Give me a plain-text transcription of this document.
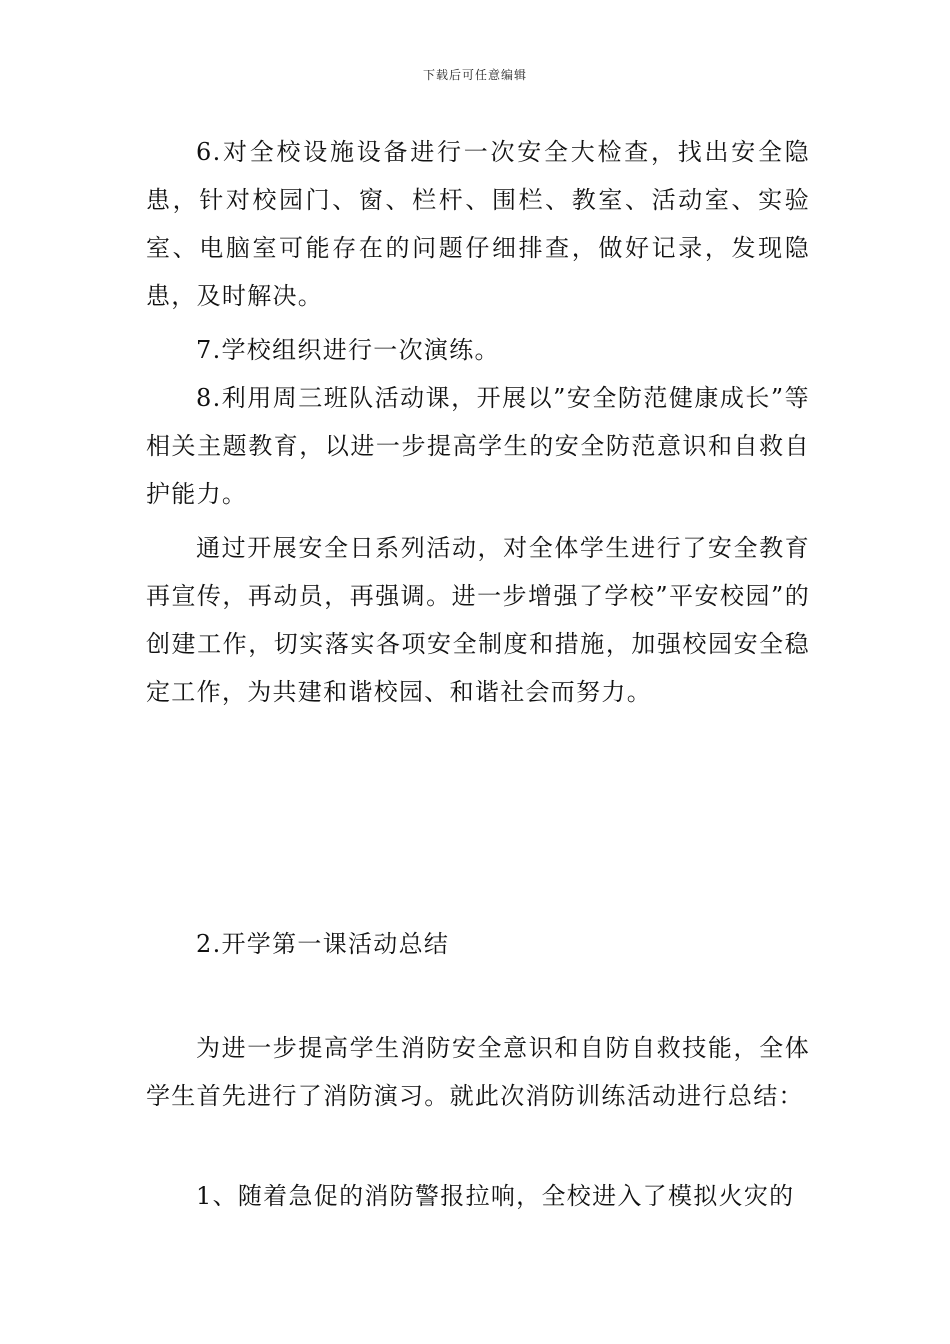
下载后可任意编辑

6.对全校设施设备进行一次安全大检查，找出安全隐患，针对校园门、窗、栏杆、围栏、教室、活动室、实验室、电脑室可能存在的问题仔细排查，做好记录，发现隐患，及时解决。

7.学校组织进行一次演练。

8.利用周三班队活动课，开展以”安全防范健康成长”等相关主题教育，以进一步提高学生的安全防范意识和自救自护能力。

通过开展安全日系列活动，对全体学生进行了安全教育再宣传，再动员，再强调。进一步增强了学校”平安校园”的创建工作，切实落实各项安全制度和措施，加强校园安全稳定工作，为共建和谐校园、和谐社会而努力。

2.开学第一课活动总结

为进一步提高学生消防安全意识和自防自救技能，全体学生首先进行了消防演习。就此次消防训练活动进行总结：

1、随着急促的消防警报拉响，全校进入了模拟火灾的
